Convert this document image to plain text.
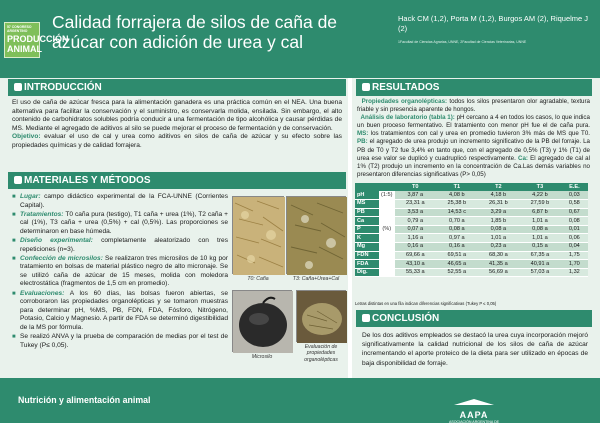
57 CONGRESO ARGENTINO
PRODUCCIÓN ANIMAL
Calidad forrajera de silos de caña de azúcar con adición de urea y cal
Hack CM (1,2), Porta M (1,2), Burgos AM (2), Riquelme J (2)
1Facultad de Ciencias Agrarias, UNNE, 2Facultad de Ciencias Veterinarias, UNNE
INTRODUCCIÓN
El uso de caña de azúcar fresca para la alimentación ganadera es una práctica común en el NEA. Una buena alternativa para facilitar la conservación y el suministro, es conservarla molida, ensilada. Sin embargo, el alto contenido de carbohidratos solubles podría conducir a una fermentación de tipo alcohólica y causar pérdidas de MS. Mediante el agregado de aditivos al silo se puede mejorar el proceso de fermentación y de conservación.
Objetivo: evaluar el uso de cal y urea como aditivos en silos de caña de azúcar y su efecto sobre las propiedades químicas y de calidad forrajera.
MATERIALES Y MÉTODOS
■ Lugar: campo didáctico experimental de la FCA-UNNE (Corrientes Capital).
■ Tratamientos: T0 caña pura (testigo), T1 caña + urea (1%), T2 caña + cal (1%), T3 caña + urea (0,5%) + cal (0,5%). Las proporciones se determinaron en base húmeda.
■ Diseño experimental: completamente aleatorizado con tres repeticiones (n=3).
■ Confección de microsilos: Se realizaron tres microsilos de 10 kg por tratamiento en bolsas de material plástico negro de alto micronaje. Se se utilizó caña de azúcar de 15 meses, molida con moledora electrostática (fragmentos de 1,5 cm en promedio).
■ Evaluaciones: A los 60 días, las bolsas fueron abiertas, se corroboraron las propiedades organolépticas y se tomaron muestras para determinar pH, %MS, PB, FDN, FDA, Fósforo, Nitrógeno, Potasio, Calcio y Magnesio. A partir de FDA se determinó digestibilidad de la MS por fórmula.
■ Se realizó ANVA y la prueba de comparación de medias por el test de Tukey (P≤ 0,05).
T0: Caña	T3: Caña+Urea+Cal
Microsilo
Evaluación de propiedades organolépticas
RESULTADOS
Propiedades organolépticas: todos los silos presentaron olor agradable, textura friable y sin presencia aparente de hongos.
Análisis de laboratorio (tabla 1): pH cercano a 4 en todos los casos, lo que indica un buen proceso fermentativo. El tratamiento con menor pH fue el de caña pura. MS: los tratamientos con cal y urea en promedio tuvieron 3% más de MS que T0. PB: el agregado de urea produjo un incremento significativo de la PB del forraje. La PB de T0 y T2 fue 3,4% en tanto que, con el agregado de 0,5% (T3) y 1% (T1) de urea ese valor se duplicó y cuadruplicó respectivamente. Ca: El agregado de cal al 1% (T2) produjo un incremento en la concentración de Ca.Las demás variables no presentaron diferencias significativas (P> 0,05)
		T0	T1	T2	T3	E.E.
pH	(1:5)	3,87 a	4,08 b	4,18 b	4,22 b	0,03
MS		23,31 a	25,38 b	26,31 b	27,59 b	0,58
PB		3,53 a	14,53 c	3,29 a	6,87 b	0,67
Ca		0,79 a	0,70 a	1,85 b	1,01 a	0,08
P	(%)	0,07 a	0,08 a	0,08 a	0,08 a	0,01
K		1,16 a	0,97 a	1,01 a	1,01 a	0,06
Mg		0,16 a	0,16 a	0,23 a	0,15 a	0,04
FDN		69,66 a	69,51 a	68,30 a	67,35 a	1,75
FDA		43,10 a	46,65 a	41,35 a	40,91 a	1,70
Dig.		55,33 a	52,55 a	56,69 a	57,03 a	1,32
Letras distintas en una fila indican diferencias significativas (Tukey P ≤ 0,05)
CONCLUSIÓN
De los dos aditivos empleados se destacó la urea cuya incorporación mejoró significativamente la calidad nutricional de los silos de caña de azúcar incrementando el aporte proteico de la dieta para ser utilizado en épocas de baja disponibilidad de forraje.
Nutrición y alimentación animal
AAPA
ASOCIACIÓN ARGENTINA DE PRODUCCIÓN ANIMAL
